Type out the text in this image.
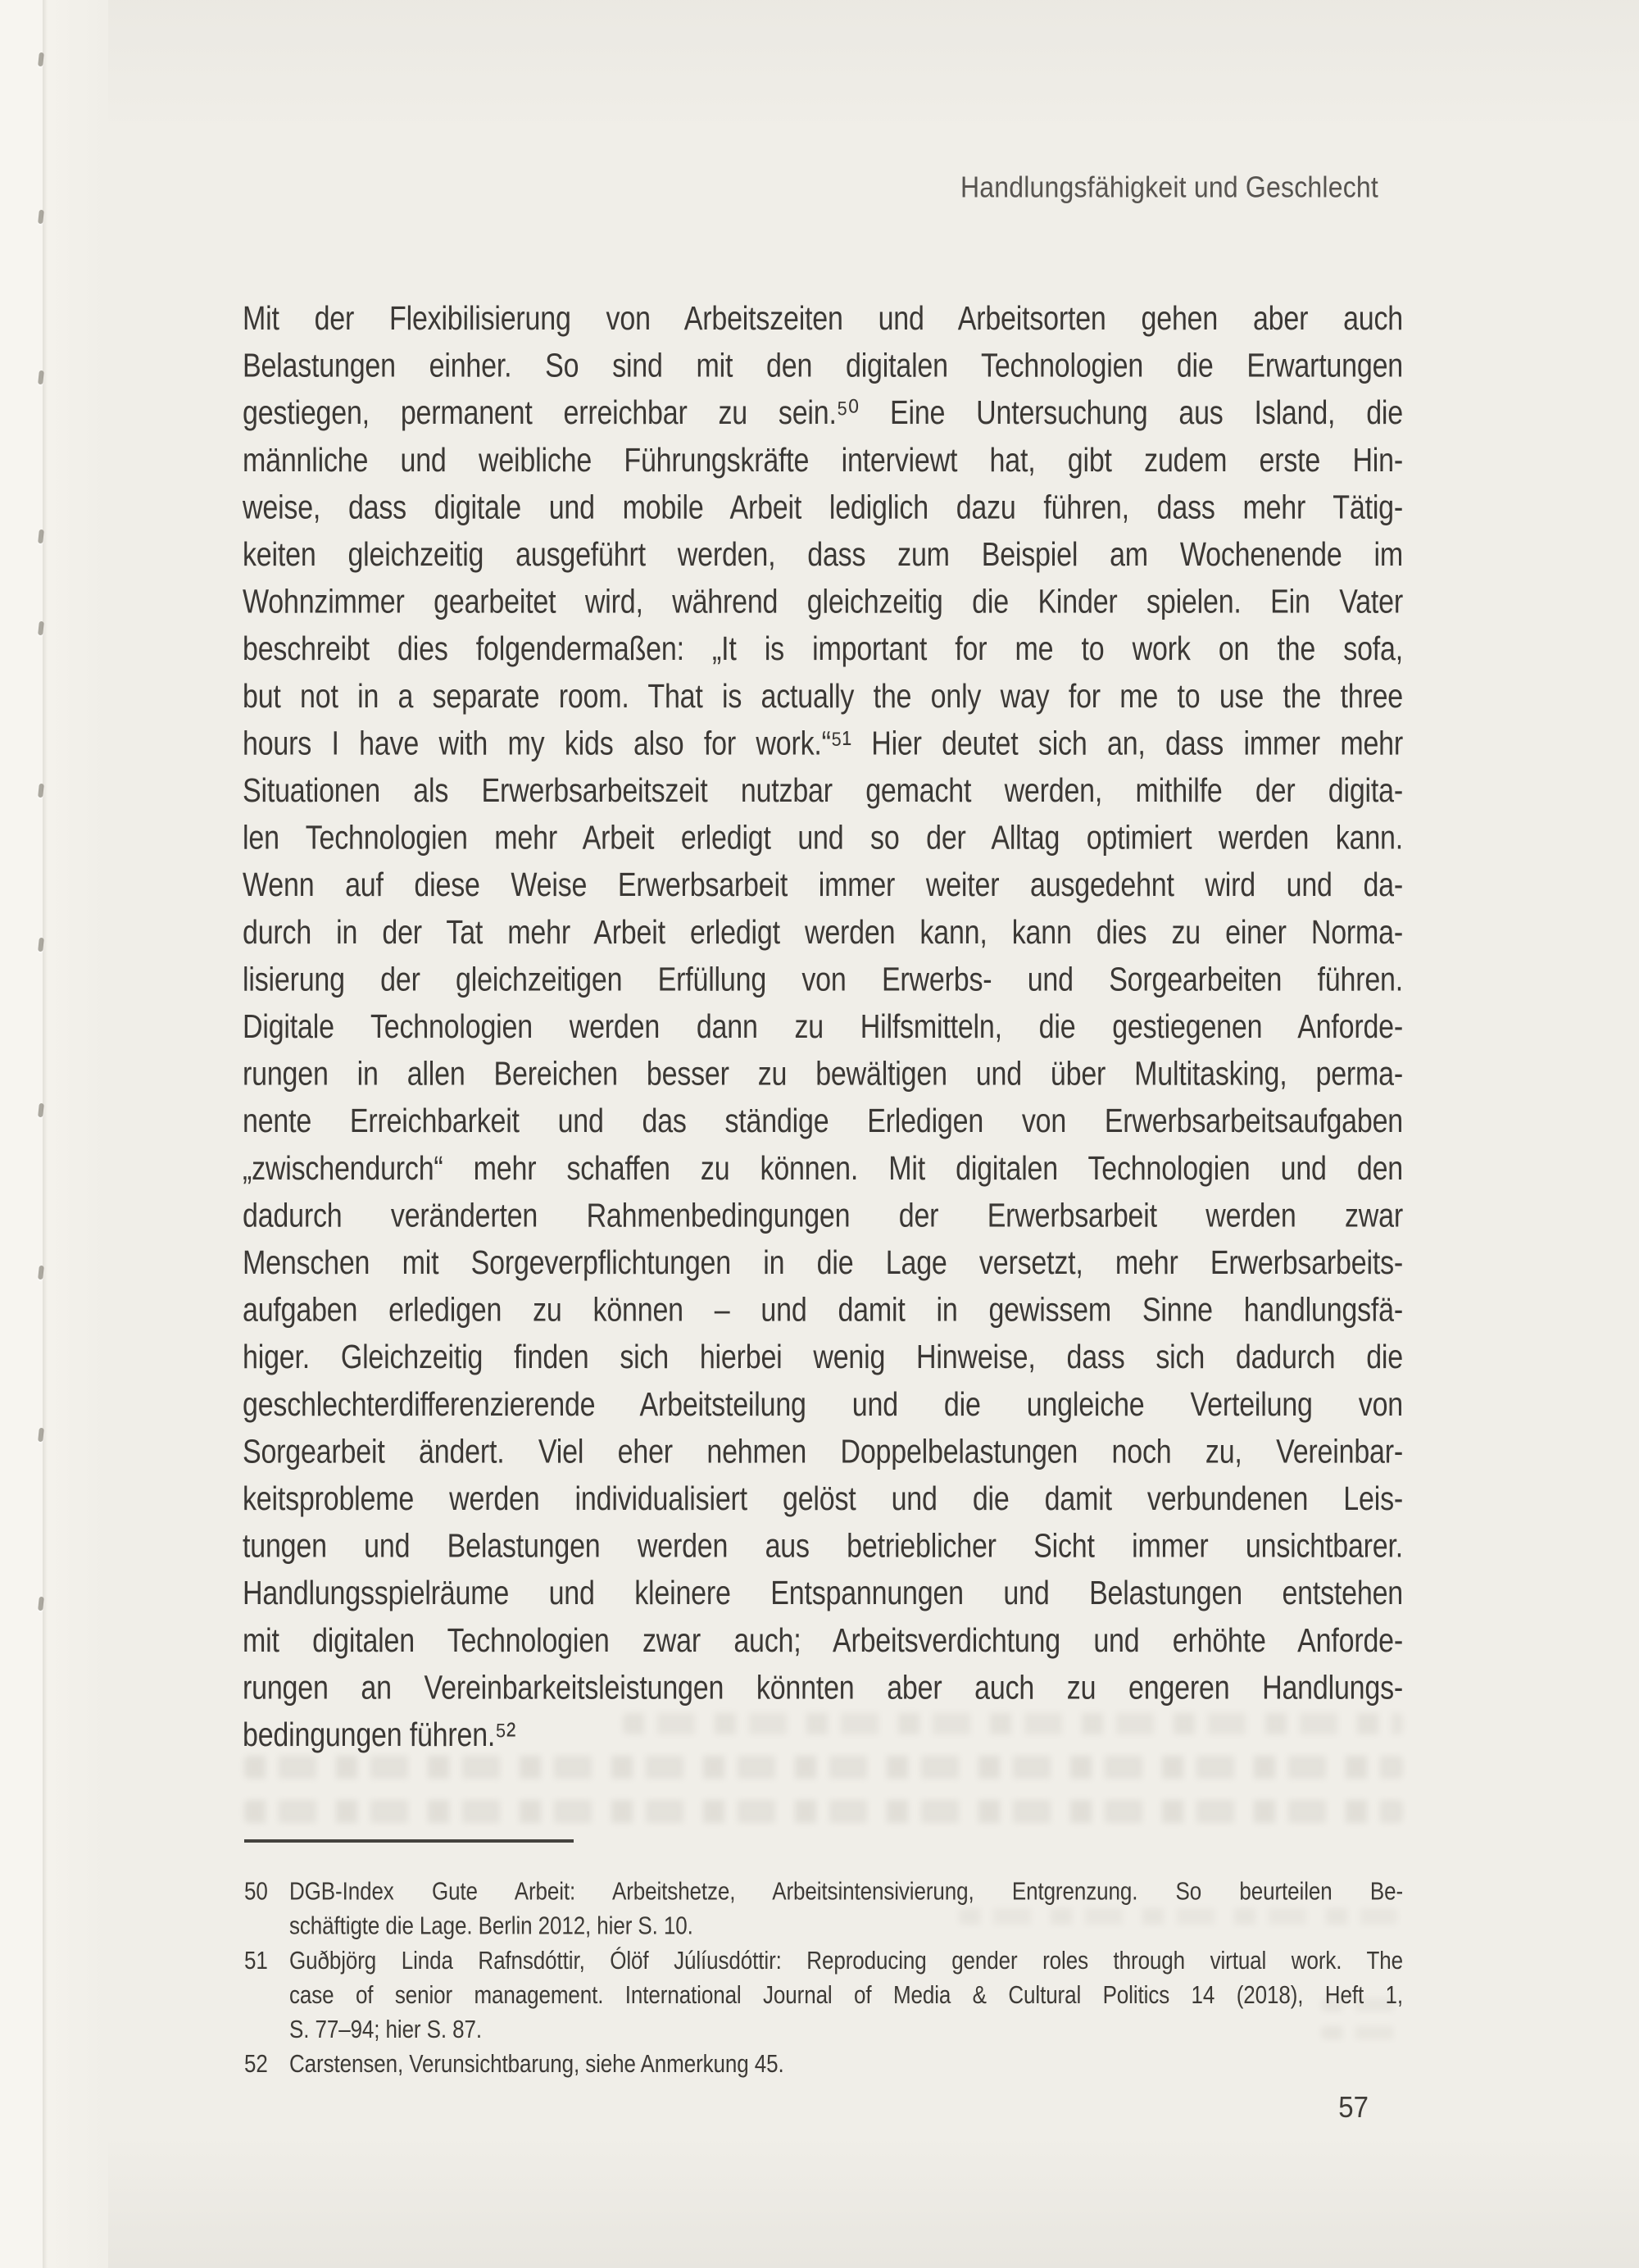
Handlungsfähigkeit und Geschlecht
Mit der Flexibilisierung von Arbeitszeiten und Arbeitsorten gehen aber auch
Belastungen einher. So sind mit den digitalen Technologien die Erwartungen
gestiegen, permanent erreichbar zu sein.⁵⁰ Eine Untersuchung aus Island, die
männliche und weibliche Führungskräfte interviewt hat, gibt zudem erste Hin-
weise, dass digitale und mobile Arbeit lediglich dazu führen, dass mehr Tätig-
keiten gleichzeitig ausgeführt werden, dass zum Beispiel am Wochenende im
Wohnzimmer gearbeitet wird, während gleichzeitig die Kinder spielen. Ein Vater
beschreibt dies folgendermaßen: „It is important for me to work on the sofa,
but not in a separate room. That is actually the only way for me to use the three
hours I have with my kids also for work.“⁵¹ Hier deutet sich an, dass immer mehr
Situationen als Erwerbsarbeitszeit nutzbar gemacht werden, mithilfe der digita-
len Technologien mehr Arbeit erledigt und so der Alltag optimiert werden kann.
Wenn auf diese Weise Erwerbsarbeit immer weiter ausgedehnt wird und da-
durch in der Tat mehr Arbeit erledigt werden kann, kann dies zu einer Norma-
lisierung der gleichzeitigen Erfüllung von Erwerbs- und Sorgearbeiten führen.
Digitale Technologien werden dann zu Hilfsmitteln, die gestiegenen Anforde-
rungen in allen Bereichen besser zu bewältigen und über Multitasking, perma-
nente Erreichbarkeit und das ständige Erledigen von Erwerbsarbeitsaufgaben
„zwischendurch“ mehr schaffen zu können. Mit digitalen Technologien und den
dadurch veränderten Rahmenbedingungen der Erwerbsarbeit werden zwar
Menschen mit Sorgeverpflichtungen in die Lage versetzt, mehr Erwerbsarbeits-
aufgaben erledigen zu können – und damit in gewissem Sinne handlungsfä-
higer. Gleichzeitig finden sich hierbei wenig Hinweise, dass sich dadurch die
geschlechterdifferenzierende Arbeitsteilung und die ungleiche Verteilung von
Sorgearbeit ändert. Viel eher nehmen Doppelbelastungen noch zu, Vereinbar-
keitsprobleme werden individualisiert gelöst und die damit verbundenen Leis-
tungen und Belastungen werden aus betrieblicher Sicht immer unsichtbarer.
Handlungsspielräume und kleinere Entspannungen und Belastungen entstehen
mit digitalen Technologien zwar auch; Arbeitsverdichtung und erhöhte Anforde-
rungen an Vereinbarkeitsleistungen könnten aber auch zu engeren Handlungs-
bedingungen führen.⁵²
50	DGB-Index Gute Arbeit: Arbeitshetze, Arbeitsintensivierung, Entgrenzung. So beurteilen Be-
schäftigte die Lage. Berlin 2012, hier S. 10.
51	Guðbjörg Linda Rafnsdóttir, Ólöf Júlíusdóttir: Reproducing gender roles through virtual work. The
case of senior management. International Journal of Media & Cultural Politics 14 (2018), Heft 1,
S. 77–94; hier S. 87.
52	Carstensen, Verunsichtbarung, siehe Anmerkung 45.
57
